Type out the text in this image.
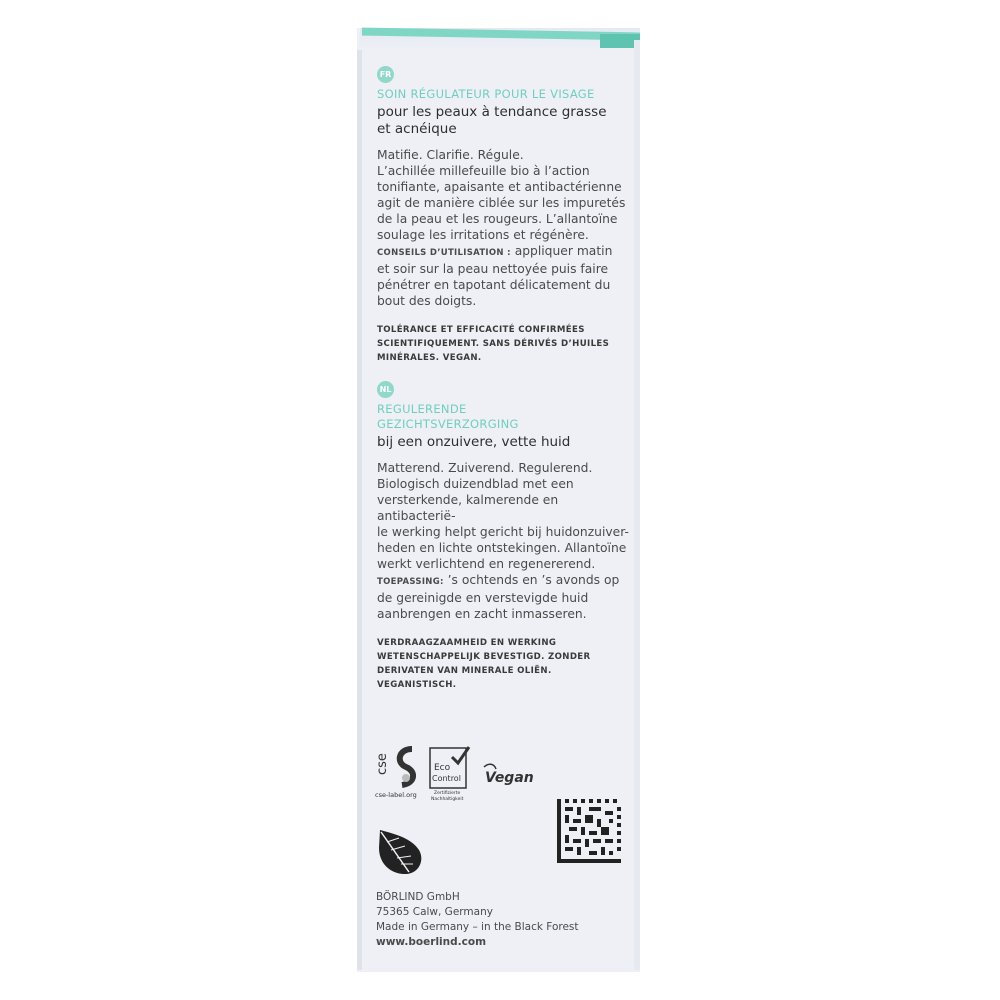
FR
SOIN RÉGULATEUR POUR LE VISAGE
pour les peaux à tendance grasse
et acnéique
Matifie. Clarifie. Régule.
L’achillée millefeuille bio à l’action
tonifiante, apaisante et antibactérienne
agit de manière ciblée sur les impuretés
de la peau et les rougeurs. L’allantoïne
soulage les irritations et régénère.
CONSEILS D’UTILISATION : appliquer matin
et soir sur la peau nettoyée puis faire
pénétrer en tapotant délicatement du
bout des doigts.
TOLÉRANCE ET EFFICACITÉ CONFIRMÉES
SCIENTIFIQUEMENT. SANS DÉRIVÉS D’HUILES
MINÉRALES. VEGAN.
NL
REGULERENDE
GEZICHTSVERZORGING
bij een onzuivere, vette huid
Matterend. Zuiverend. Regulerend.
Biologisch duizendblad met een
versterkende, kalmerende en antibacteriё-
le werking helpt gericht bij huidonzuiver-
heden en lichte ontstekingen. Allantoïne
werkt verlichtend en regenererend.
TOEPASSING: ’s ochtends en ’s avonds op
de gereinigde en verstevigde huid
aanbrengen en zacht inmasseren.
VERDRAAGZAAMHEID EN WERKING
WETENSCHAPPELIJK BEVESTIGD. ZONDER
DERIVATEN VAN MINERALE OLIЁN.
VEGANISTISCH.
cse
cse-label.org
Eco
Control
Zertifizierte
Nachhaltigkeit
Vegan
BÖRLIND GmbH
75365 Calw, Germany
Made in Germany – in the Black Forest
www.boerlind.com
